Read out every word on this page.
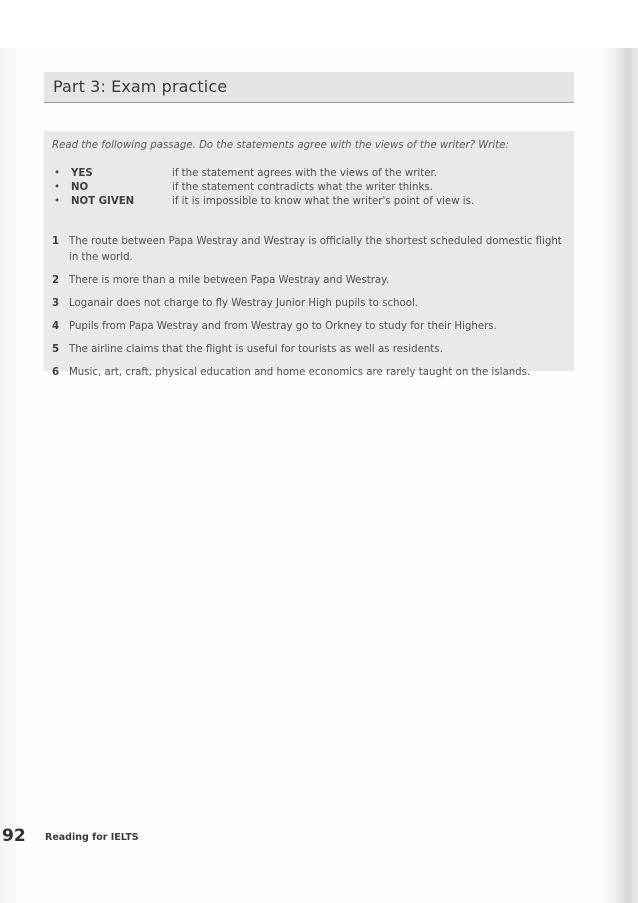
Part 3: Exam practice

Read the following passage. Do the statements agree with the views of the writer? Write:

• YES	if the statement agrees with the views of the writer.
• NO	if the statement contradicts what the writer thinks.
• NOT GIVEN	if it is impossible to know what the writer's point of view is.
1 The route between Papa Westray and Westray is officially the shortest scheduled domestic flight in the world.
2 There is more than a mile between Papa Westray and Westray.
3 Loganair does not charge to fly Westray Junior High pupils to school.
4 Pupils from Papa Westray and from Westray go to Orkney to study for their Highers.
5 The airline claims that the flight is useful for tourists as well as residents.
6 Music, art, craft, physical education and home economics are rarely taught on the islands.
92 Reading for IELTS
